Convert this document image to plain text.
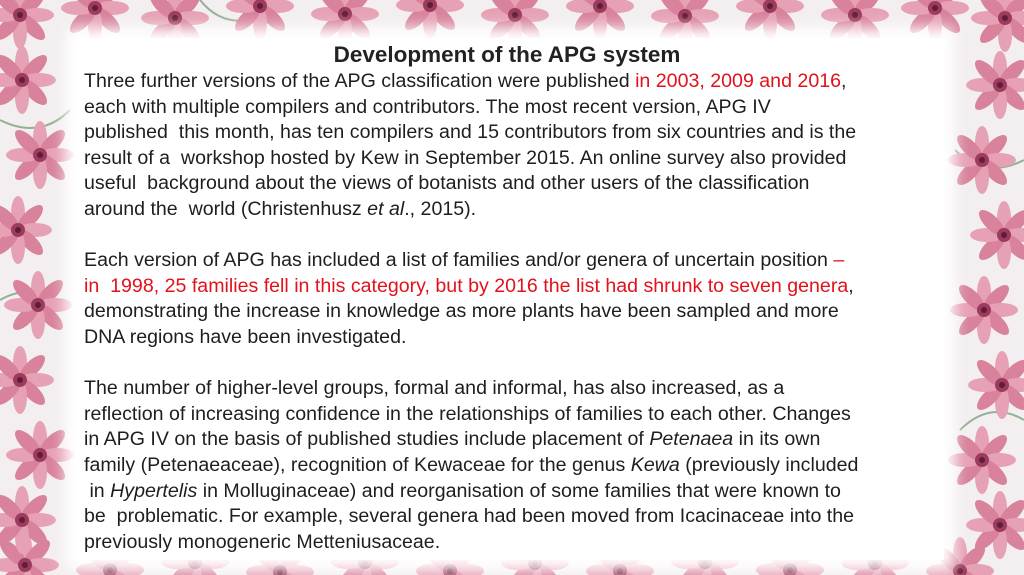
Development of the APG system

Three further versions of the APG classification were published in 2003, 2009 and 2016,
each with multiple compilers and contributors. The most recent version, APG IV
published  this month, has ten compilers and 15 contributors from six countries and is the
result of a  workshop hosted by Kew in September 2015. An online survey also provided
useful  background about the views of botanists and other users of the classification
around the  world (Christenhusz et al., 2015).

Each version of APG has included a list of families and/or genera of uncertain position –
in  1998, 25 families fell in this category, but by 2016 the list had shrunk to seven genera,
demonstrating the increase in knowledge as more plants have been sampled and more
DNA regions have been investigated.

The number of higher-level groups, formal and informal, has also increased, as a
reflection of increasing confidence in the relationships of families to each other. Changes
in APG IV on the basis of published studies include placement of Petenaea in its own
family (Petenaeaceae), recognition of Kewaceae for the genus Kewa (previously included
in Hypertelis in Molluginaceae) and reorganisation of some families that were known to
be  problematic. For example, several genera had been moved from Icacinaceae into the
previously monogeneric Metteniusaceae.
